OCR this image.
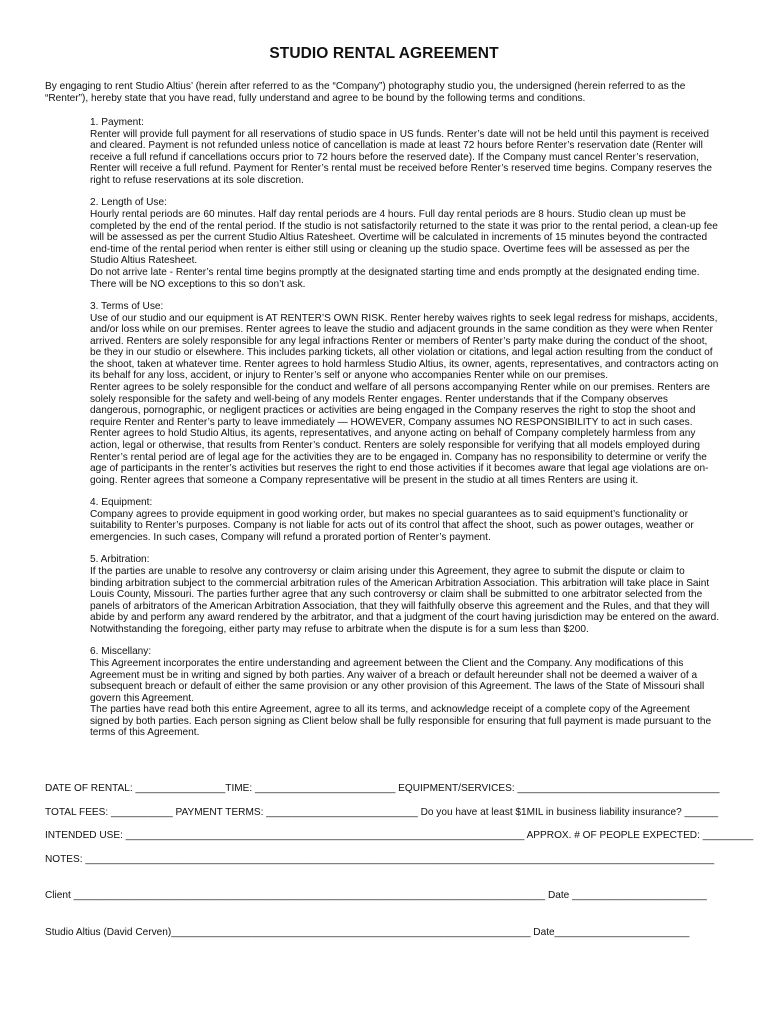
STUDIO RENTAL AGREEMENT

By engaging to rent Studio Altius’ (herein after referred to as the “Company”) photography studio you, the undersigned (herein referred to as the “Renter”), hereby state that you have read, fully understand and agree to be bound by the following terms and conditions.

1. Payment:

Renter will provide full payment for all reservations of studio space in US funds. Renter’s date will not be held until this payment is received and cleared. Payment is not refunded unless notice of cancellation is made at least 72 hours before Renter’s reservation date (Renter will receive a full refund if cancellations occurs prior to 72 hours before the reserved date). If the Company must cancel Renter’s reservation, Renter will receive a full refund. Payment for Renter’s rental must be received before Renter’s reserved time begins. Company reserves the right to refuse reservations at its sole discretion.

2. Length of Use:

Hourly rental periods are 60 minutes. Half day rental periods are 4 hours. Full day rental periods are 8 hours. Studio clean up must be completed by the end of the rental period. If the studio is not satisfactorily returned to the state it was prior to the rental period, a clean-up fee will be assessed as per the current Studio Altius Ratesheet. Overtime will be calculated in increments of 15 minutes beyond the contracted end-time of the rental period when renter is either still using or cleaning up the studio space. Overtime fees will be assessed as per the Studio Altius Ratesheet.

Do not arrive late - Renter’s rental time begins promptly at the designated starting time and ends promptly at the designated ending time. There will be NO exceptions to this so don’t ask.

3. Terms of Use:

Use of our studio and our equipment is AT RENTER’S OWN RISK. Renter hereby waives rights to seek legal redress for mishaps, accidents, and/or loss while on our premises. Renter agrees to leave the studio and adjacent grounds in the same condition as they were when Renter arrived. Renters are solely responsible for any legal infractions Renter or members of Renter’s party make during the conduct of the shoot, be they in our studio or elsewhere. This includes parking tickets, all other violation or citations, and legal action resulting from the conduct of the shoot, taken at whatever time. Renter agrees to hold harmless Studio Altius, its owner, agents, representatives, and contractors acting on its behalf for any loss, accident, or injury to Renter’s self or anyone who accompanies Renter while on our premises.

Renter agrees to be solely responsible for the conduct and welfare of all persons accompanying Renter while on our premises. Renters are solely responsible for the safety and well-being of any models Renter engages. Renter understands that if the Company observes dangerous, pornographic, or negligent practices or activities are being engaged in the Company reserves the right to stop the shoot and require Renter and Renter’s party to leave immediately — HOWEVER, Company assumes NO RESPONSIBILITY to act in such cases. Renter agrees to hold Studio Altius, its agents, representatives, and anyone acting on behalf of Company completely harmless from any action, legal or otherwise, that results from Renter’s conduct. Renters are solely responsible for verifying that all models employed during Renter’s rental period are of legal age for the activities they are to be engaged in. Company has no responsibility to determine or verify the age of participants in the renter’s activities but reserves the right to end those activities if it becomes aware that legal age violations are on-going. Renter agrees that someone a Company representative will be present in the studio at all times Renters are using it.

4. Equipment:

Company agrees to provide equipment in good working order, but makes no special guarantees as to said equipment’s functionality or suitability to Renter’s purposes. Company is not liable for acts out of its control that affect the shoot, such as power outages, weather or emergencies. In such cases, Company will refund a prorated portion of Renter’s payment.

5. Arbitration:

If the parties are unable to resolve any controversy or claim arising under this Agreement, they agree to submit the dispute or claim to binding arbitration subject to the commercial arbitration rules of the American Arbitration Association. This arbitration will take place in Saint Louis County, Missouri. The parties further agree that any such controversy or claim shall be submitted to one arbitrator selected from the panels of arbitrators of the American Arbitration Association, that they will faithfully observe this agreement and the Rules, and that they will abide by and perform any award rendered by the arbitrator, and that a judgment of the court having jurisdiction may be entered on the award. Notwithstanding the foregoing, either party may refuse to arbitrate when the dispute is for a sum less than $200.

6. Miscellany:

This Agreement incorporates the entire understanding and agreement between the Client and the Company. Any modifications of this Agreement must be in writing and signed by both parties. Any waiver of a breach or default hereunder shall not be deemed a waiver of a subsequent breach or default of either the same provision or any other provision of this Agreement. The laws of the State of Missouri shall govern this Agreement.

The parties have read both this entire Agreement, agree to all its terms, and acknowledge receipt of a complete copy of the Agreement signed by both parties. Each person signing as Client below shall be fully responsible for ensuring that full payment is made pursuant to the terms of this Agreement.

DATE OF RENTAL: ________________TIME: _________________________ EQUIPMENT/SERVICES: ____________________________________
TOTAL FEES: ___________ PAYMENT TERMS: ___________________________ Do you have at least $1MIL in business liability insurance? ______
INTENDED USE: _______________________________________________________________________ APPROX. # OF PEOPLE EXPECTED: _________
NOTES: ________________________________________________________________________________________________________________
Client ____________________________________________________________________________________ Date ________________________
Studio Altius (David Cerven)________________________________________________________________ Date________________________
